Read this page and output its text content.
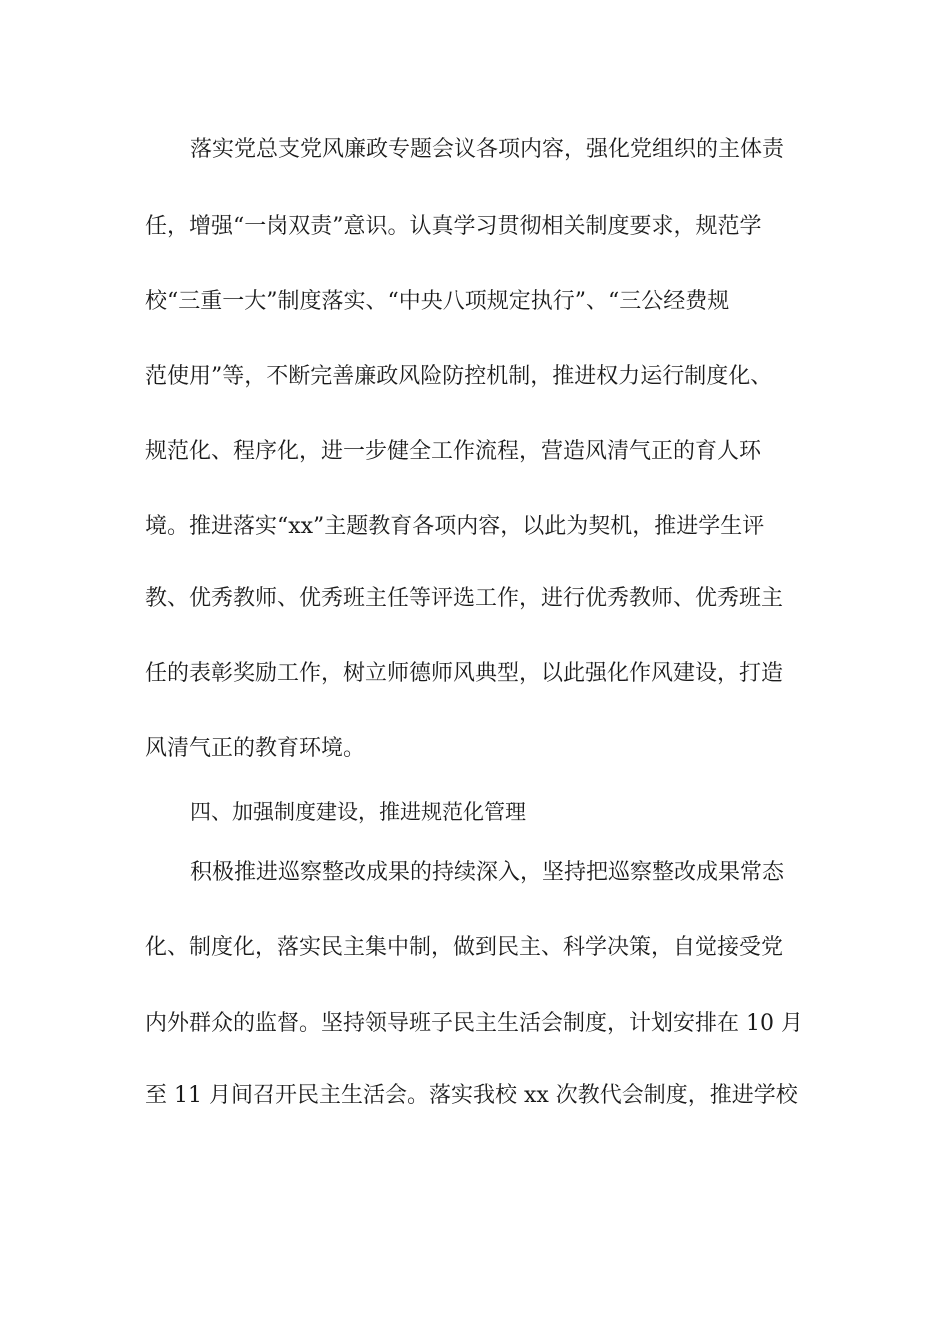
落实党总支党风廉政专题会议各项内容，强化党组织的主体责
任，增强“一岗双责”意识。认真学习贯彻相关制度要求，规范学
校“三重一大”制度落实、“中央八项规定执行”、“三公经费规
范使用”等，不断完善廉政风险防控机制，推进权力运行制度化、
规范化、程序化，进一步健全工作流程，营造风清气正的育人环
境。推进落实“xx”主题教育各项内容，以此为契机，推进学生评
教、优秀教师、优秀班主任等评选工作，进行优秀教师、优秀班主
任的表彰奖励工作，树立师德师风典型，以此强化作风建设，打造
风清气正的教育环境。
四、加强制度建设，推进规范化管理
积极推进巡察整改成果的持续深入，坚持把巡察整改成果常态
化、制度化，落实民主集中制，做到民主、科学决策，自觉接受党
内外群众的监督。坚持领导班子民主生活会制度，计划安排在 10 月
至 11 月间召开民主生活会。落实我校 xx 次教代会制度，推进学校
